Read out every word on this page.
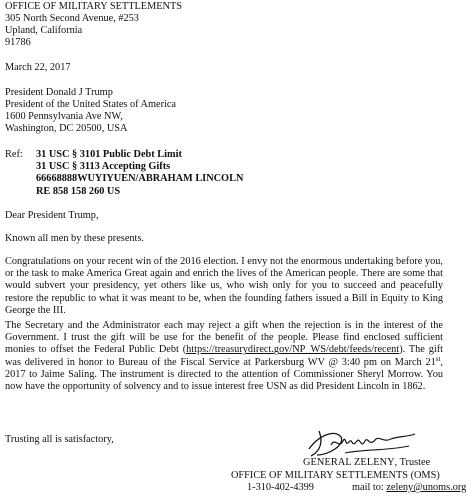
OFFICE OF MILITARY SETTLEMENTS
305 North Second Avenue, #253
Upland, California
91786
March 22, 2017
President Donald J Trump
President of the United States of America
1600 Pennsylvania Ave NW,
Washington, DC 20500, USA
Ref: 31 USC § 3101 Public Debt Limit
31 USC § 3113 Accepting Gifts
66668888WUYIYUEN/ABRAHAM LINCOLN
RE 858 158 260 US
Dear President Trump,
Known all men by these presents.
Congratulations on your recent win of the 2016 election. I envy not the enormous undertaking before you, or the task to make America Great again and enrich the lives of the American people. There are some that would subvert your presidency, yet others like us, who wish only for you to succeed and peacefully restore the republic to what it was meant to be, when the founding fathers issued a Bill in Equity to King George the III.
The Secretary and the Administrator each may reject a gift when the rejection is in the interest of the Government. I trust the gift will be use for the benefit of the people. Please find enclosed sufficient monies to offset the Federal Public Debt (https://treasurydirect.gov/NP_WS/debt/feeds/recent). The gift was delivered in honor to Bureau of the Fiscal Service at Parkersburg WV @ 3:40 pm on March 21st, 2017 to Jaime Saling. The instrument is directed to the attention of Commissioner Sheryl Morrow. You now have the opportunity of solvency and to issue interest free USN as did President Lincoln in 1862.
Trusting all is satisfactory,
GENERAL ZELENY, Trustee
OFFICE OF MILITARY SETTLEMENTS (OMS)
1-310-402-4399	mail to: zeleny@unoms.org
